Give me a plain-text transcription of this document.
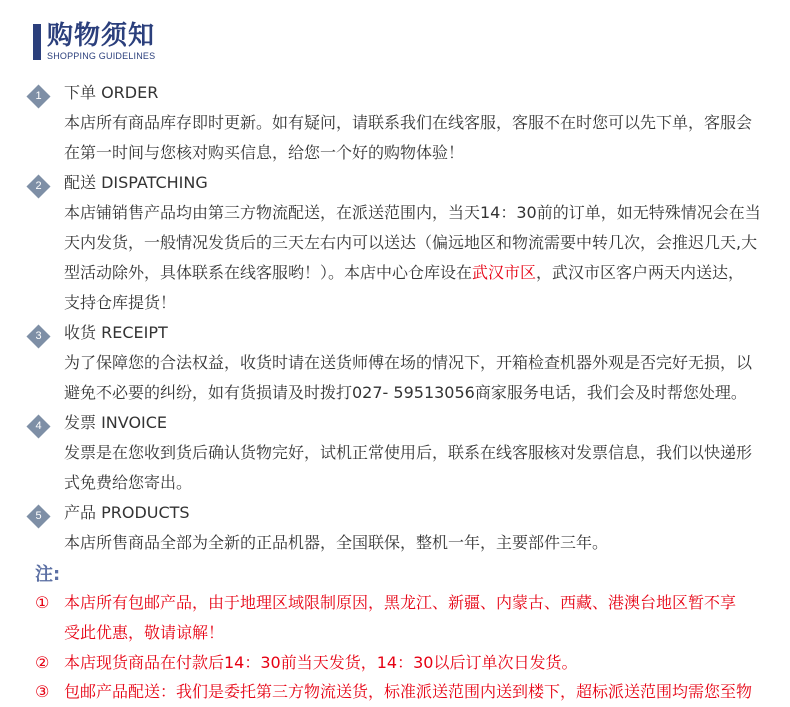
购物须知
SHOPPING GUIDELINES
1	下单 ORDER
本店所有商品库存即时更新。如有疑问，请联系我们在线客服，客服不在时您可以先下单，客服会
在第一时间与您核对购买信息，给您一个好的购物体验！
2	配送 DISPATCHING
本店铺销售产品均由第三方物流配送，在派送范围内，当天14：30前的订单，如无特殊情况会在当
天内发货，一般情况发货后的三天左右内可以送达（偏远地区和物流需要中转几次，会推迟几天,大
型活动除外，具体联系在线客服哟！）。本店中心仓库设在武汉市区，武汉市区客户两天内送达，
支持仓库提货！
3	收货 RECEIPT
为了保障您的合法权益，收货时请在送货师傅在场的情况下，开箱检查机器外观是否完好无损，以
避免不必要的纠纷，如有货损请及时拨打027- 59513056商家服务电话，我们会及时帮您处理。
4	发票 INVOICE
发票是在您收到货后确认货物完好，试机正常使用后，联系在线客服核对发票信息，我们以快递形
式免费给您寄出。
5	产品 PRODUCTS
本店所售商品全部为全新的正品机器，全国联保，整机一年，主要部件三年。
注:
① 本店所有包邮产品，由于地理区域限制原因，黑龙江、新疆、内蒙古、西藏、港澳台地区暂不享
受此优惠，敬请谅解！
② 本店现货商品在付款后14：30前当天发货，14：30以后订单次日发货。
③ 包邮产品配送：我们是委托第三方物流送货，标准派送范围内送到楼下，超标派送范围均需您至物
